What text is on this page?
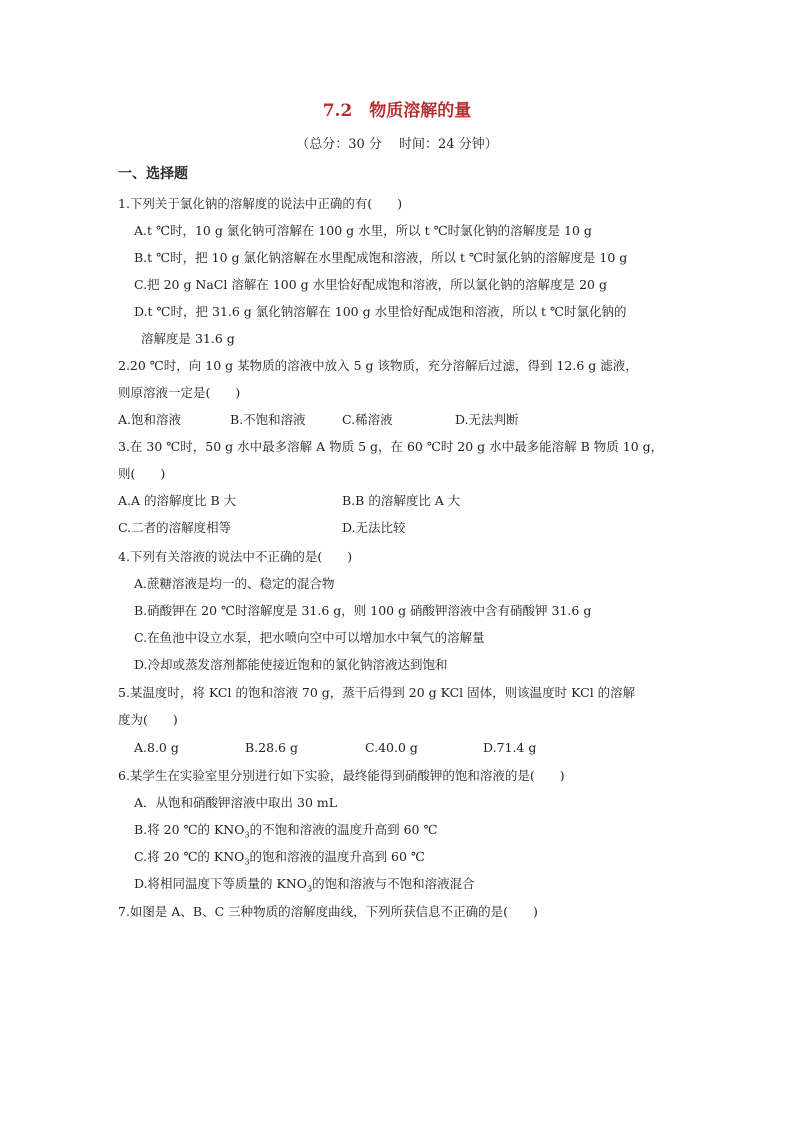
7.2　物质溶解的量
（总分：30 分　 时间：24 分钟）
一、选择题
1.下列关于氯化钠的溶解度的说法中正确的有(　　)
A.t ℃时，10 g 氯化钠可溶解在 100 g 水里，所以 t ℃时氯化钠的溶解度是 10 g
B.t ℃时，把 10 g 氯化钠溶解在水里配成饱和溶液，所以 t ℃时氯化钠的溶解度是 10 g
C.把 20 g NaCl 溶解在 100 g 水里恰好配成饱和溶液，所以氯化钠的溶解度是 20 g
D.t ℃时，把 31.6 g 氯化钠溶解在 100 g 水里恰好配成饱和溶液，所以 t ℃时氯化钠的
溶解度是 31.6 g
2.20 ℃时，向 10 g 某物质的溶液中放入 5 g 该物质，充分溶解后过滤，得到 12.6 g 滤液，
则原溶液一定是(　　)
A.饱和溶液	B.不饱和溶液	C.稀溶液	D.无法判断
3.在 30 ℃时，50 g 水中最多溶解 A 物质 5 g，在 60 ℃时 20 g 水中最多能溶解 B 物质 10 g，
则(　　)
A.A 的溶解度比 B 大	B.B 的溶解度比 A 大
C.二者的溶解度相等	D.无法比较
4.下列有关溶液的说法中不正确的是(　　)
A.蔗糖溶液是均一的、稳定的混合物
B.硝酸钾在 20 ℃时溶解度是 31.6 g，则 100 g 硝酸钾溶液中含有硝酸钾 31.6 g
C.在鱼池中设立水泵，把水喷向空中可以增加水中氧气的溶解量
D.冷却或蒸发溶剂都能使接近饱和的氯化钠溶液达到饱和
5.某温度时，将 KCl 的饱和溶液 70 g，蒸干后得到 20 g KCl 固体，则该温度时 KCl 的溶解
度为(　　)
A.8.0 g	B.28.6 g	C.40.0 g	D.71.4 g
6.某学生在实验室里分别进行如下实验，最终能得到硝酸钾的饱和溶液的是(　　)
A．从饱和硝酸钾溶液中取出 30 mL
B.将 20 ℃的 $KNO_3$的不饱和溶液的温度升高到 60 ℃
C.将 20 ℃的 $KNO_3$的饱和溶液的温度升高到 60 ℃
D.将相同温度下等质量的 $KNO_3$的饱和溶液与不饱和溶液混合
7.如图是 A、B、C 三种物质的溶解度曲线，下列所获信息不正确的是(　　)
